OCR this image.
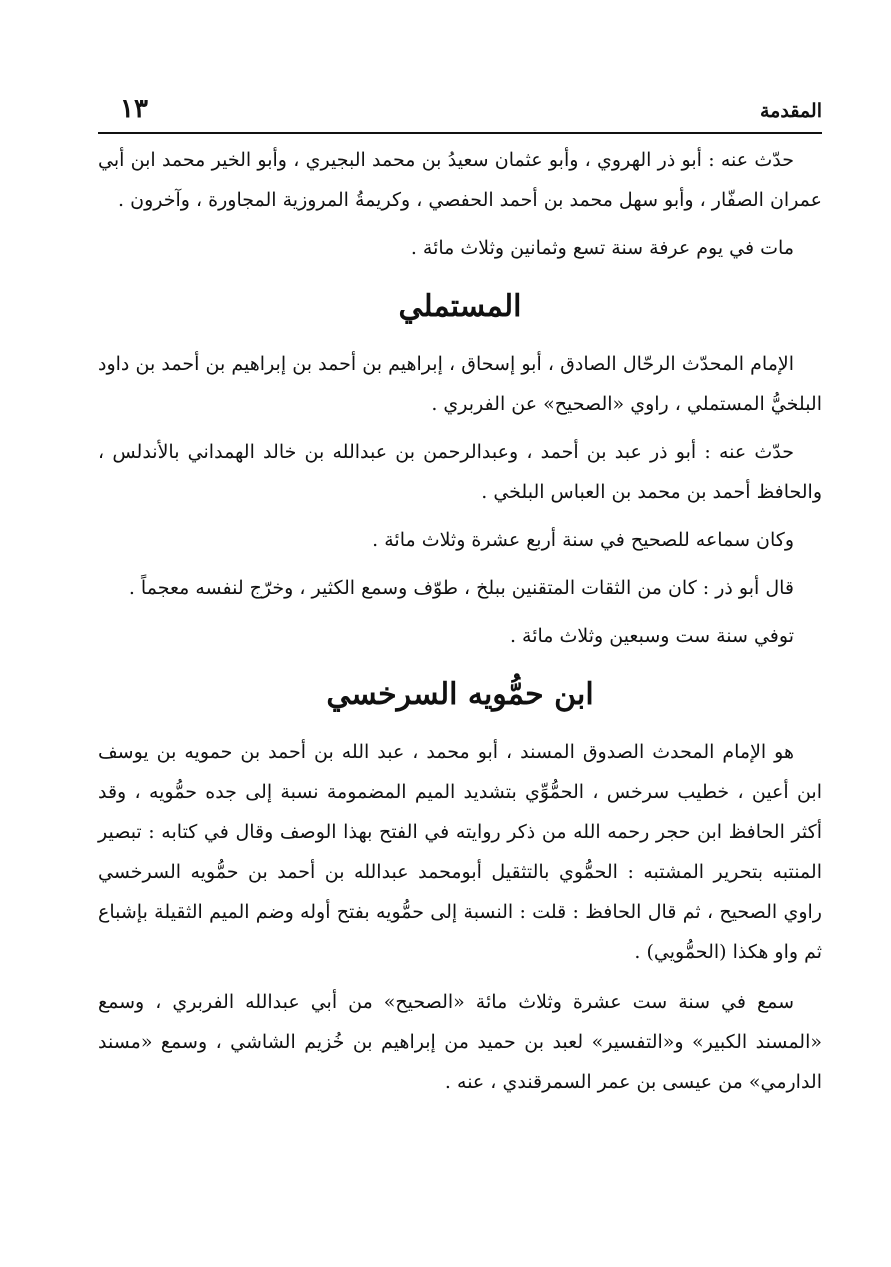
المقدمة
١٣

حدّث عنه : أبو ذر الهروي ، وأبو عثمان سعيدُ بن محمد البجيري ، وأبو الخير محمد ابن أبي عمران الصفّار ، وأبو سهل محمد بن أحمد الحفصي ، وكريمةُ المروزية المجاورة ، وآخرون .

مات في يوم عرفة سنة تسع وثمانين وثلاث مائة .

المستملي

الإمام المحدّث الرحّال الصادق ، أبو إسحاق ، إبراهيم بن أحمد بن إبراهيم بن أحمد بن داود البلخيُّ المستملي ، راوي «الصحيح» عن الفربري .

حدّث عنه : أبو ذر عبد بن أحمد ، وعبدالرحمن بن عبدالله بن خالد الهمداني بالأندلس ، والحافظ أحمد بن محمد بن العباس البلخي .

وكان سماعه للصحيح في سنة أربع عشرة وثلاث مائة .

قال أبو ذر : كان من الثقات المتقنين ببلخ ، طوّف وسمع الكثير ، وخرّج لنفسه معجماً .

توفي سنة ست وسبعين وثلاث مائة .

ابن حمُّويه السرخسي

هو الإمام المحدث الصدوق المسند ، أبو محمد ، عبد الله بن أحمد بن حمويه بن يوسف ابن أعين ، خطيب سرخس ، الحمُّوِّي بتشديد الميم المضمومة نسبة إلى جده حمُّويه ، وقد أكثر الحافظ ابن حجر رحمه الله من ذكر روايته في الفتح بهذا الوصف وقال في كتابه : تبصير المنتبه بتحرير المشتبه : الحمُّوي بالتثقيل أبومحمد عبدالله بن أحمد بن حمُّويه السرخسي راوي الصحيح ، ثم قال الحافظ : قلت : النسبة إلى حمُّويه بفتح أوله وضم الميم الثقيلة بإشباع ثم واو هكذا (الحمُّويي) .

سمع في سنة ست عشرة وثلاث مائة «الصحيح» من أبي عبدالله الفربري ، وسمع «المسند الكبير» و«التفسير» لعبد بن حميد من إبراهيم بن خُزيم الشاشي ، وسمع «مسند الدارمي» من عيسى بن عمر السمرقندي ، عنه .
